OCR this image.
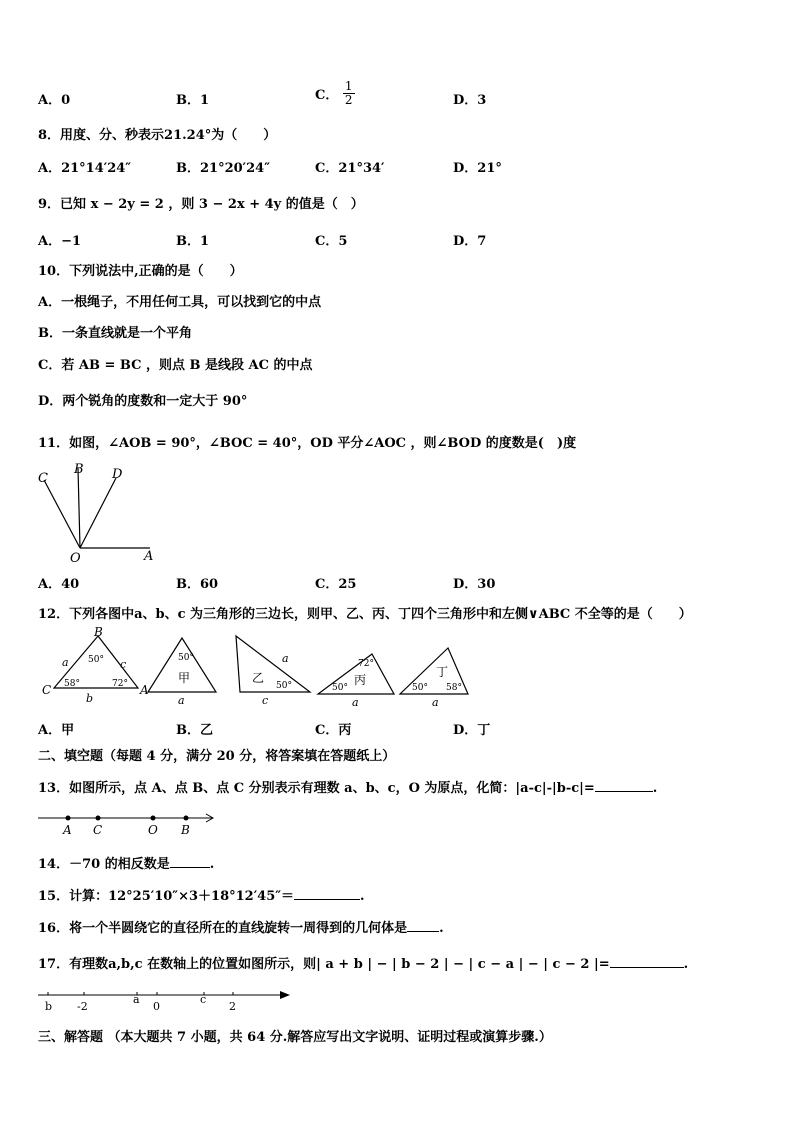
A．0	B．1	C． $\frac{1}{2}$	D．3
8．用度、分、秒表示21.24°为（　　）
A．21°14′24″	B．21°20′24″	C．21°34′	D．21°
9．已知 x − 2y = 2 ，则 3 − 2x + 4y 的值是（　）
A．−1	B．1	C．5	D．7
10．下列说法中,正确的是（　　）
A．一根绳子，不用任何工具，可以找到它的中点
B．一条直线就是一个平角
C．若 AB = BC ，则点 B 是线段 AC 的中点
D．两个锐角的度数和一定大于 90°
11．如图，∠AOB = 90°，∠BOC = 40°，OD 平分∠AOC ，则∠BOD 的度数是(　)度
C
B D
O	A
A．40	B．60	C．25	D．30
12．下列各图中a、b、c 为三角形的三边长，则甲、乙、丙、丁四个三角形中和左侧∨ABC 不全等的是（　　）
B
C	A
a	c
b
50°
58°	72°
50°
甲
a
乙
a
50°
c
72°
50°
丙
a
丁
50° 58°
a
A．甲	B．乙	C．丙	D．丁
二、填空题（每题 4 分，满分 20 分，将答案填在答题纸上）
13．如图所示，点 A、点 B、点 C 分别表示有理数 a、b、c，O 为原点，化简：|a-c|-|b-c|=	.
A C	O B
14．－70 的相反数是	.
15．计算：12°25′10″×3＋18°12′45″＝	.
16．将一个半圆绕它的直径所在的直线旋转一周得到的几何体是 .
17．有理数a,b,c 在数轴上的位置如图所示，则| a + b | − | b − 2 | − | c − a | − | c − 2 |=	.
b -2
a
0
c
2
三、解答题 （本大题共 7 小题，共 64 分.解答应写出文字说明、证明过程或演算步骤.）
